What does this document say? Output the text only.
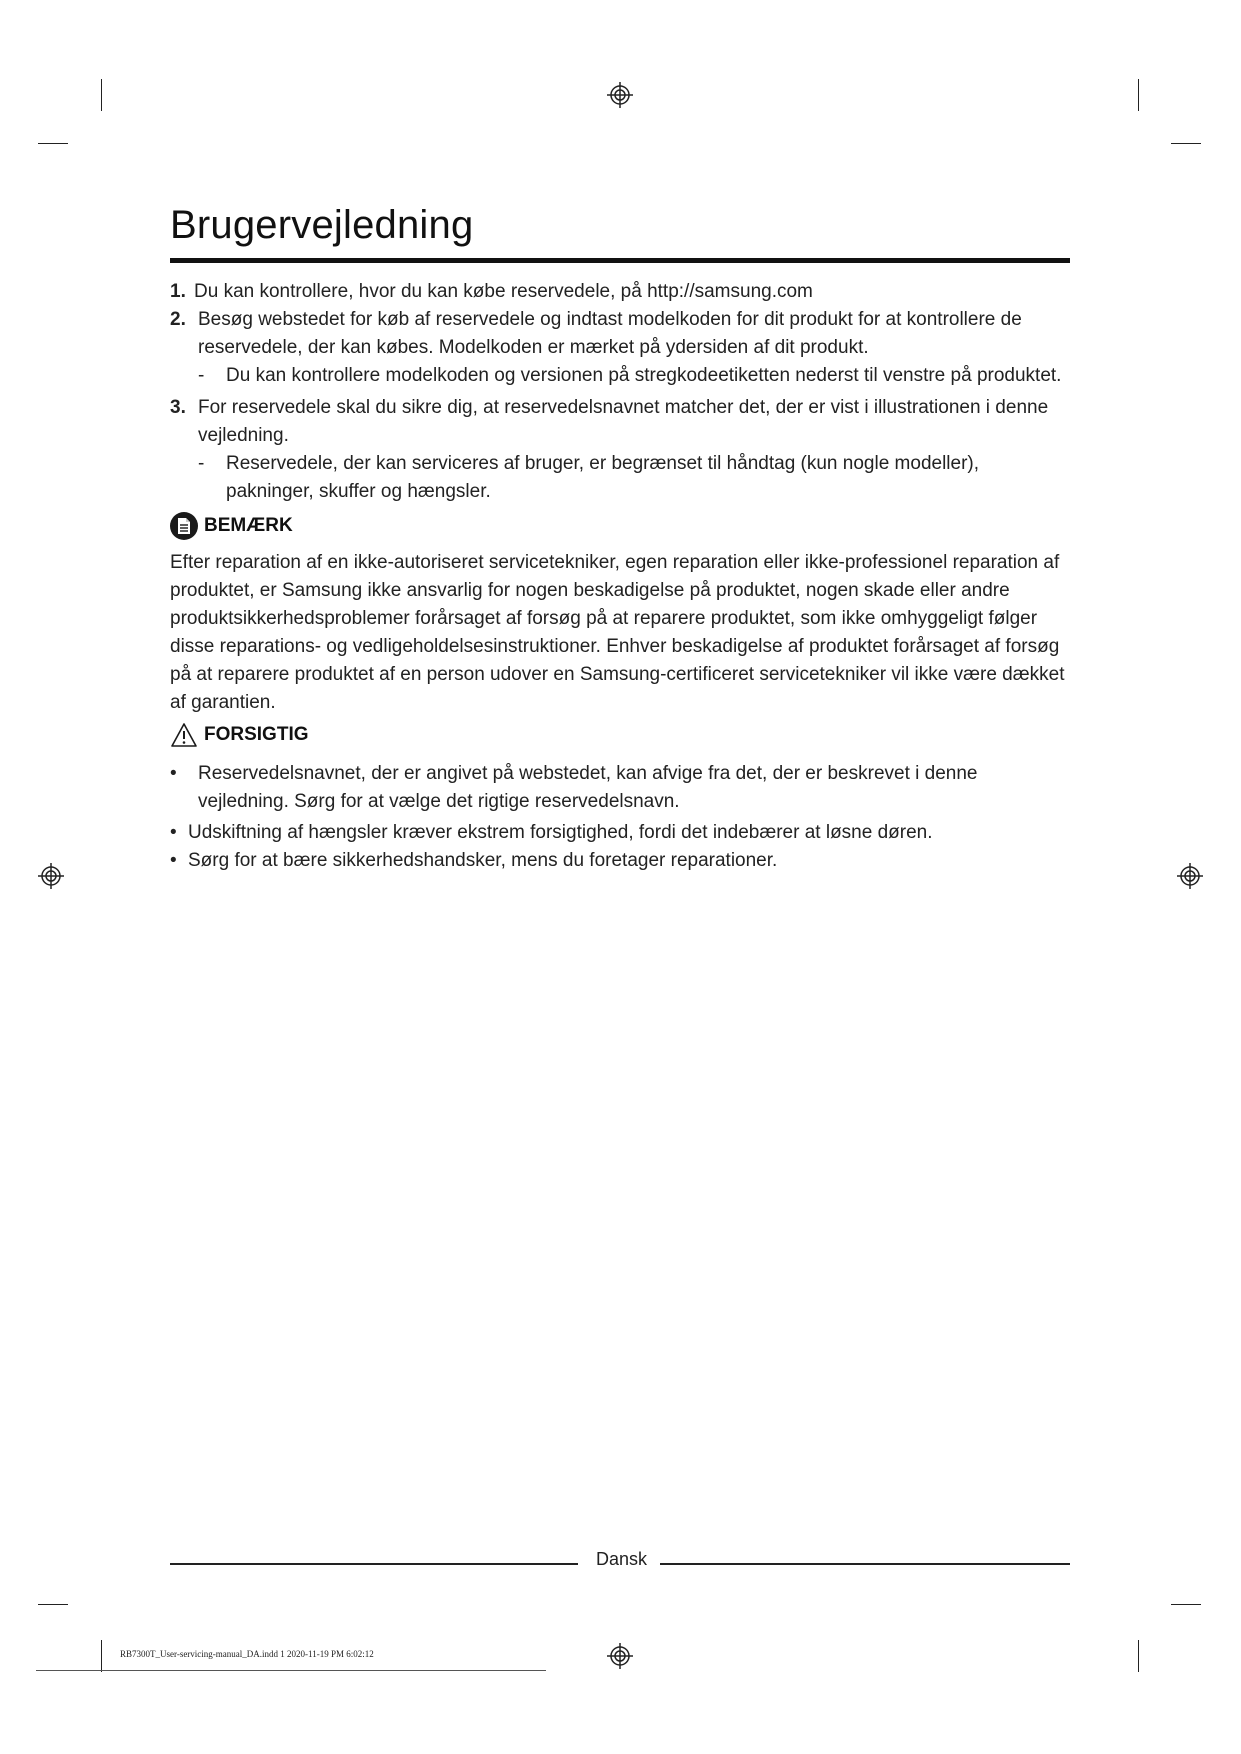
Brugervejledning
1. Du kan kontrollere, hvor du kan købe reservedele, på http://samsung.com
2. Besøg webstedet for køb af reservedele og indtast modelkoden for dit produkt for at kontrollere de reservedele, der kan købes. Modelkoden er mærket på ydersiden af dit produkt.
- Du kan kontrollere modelkoden og versionen på stregkodeetiketten nederst til venstre på produktet.
3. For reservedele skal du sikre dig, at reservedelsnavnet matcher det, der er vist i illustrationen i denne vejledning.
- Reservedele, der kan serviceres af bruger, er begrænset til håndtag (kun nogle modeller), pakninger, skuffer og hængsler.
BEMÆRK
Efter reparation af en ikke-autoriseret servicetekniker, egen reparation eller ikke-professionel reparation af produktet, er Samsung ikke ansvarlig for nogen beskadigelse på produktet, nogen skade eller andre produktsikkerhedsproblemer forårsaget af forsøg på at reparere produktet, som ikke omhyggeligt følger disse reparations- og vedligeholdelsesinstruktioner. Enhver beskadigelse af produktet forårsaget af forsøg på at reparere produktet af en person udover en Samsung-certificeret servicetekniker vil ikke være dækket af garantien.
FORSIGTIG
• Reservedelsnavnet, der er angivet på webstedet, kan afvige fra det, der er beskrevet i denne vejledning. Sørg for at vælge det rigtige reservedelsnavn.
• Udskiftning af hængsler kræver ekstrem forsigtighed, fordi det indebærer at løsne døren.
• Sørg for at bære sikkerhedshandsker, mens du foretager reparationer.
Dansk
RB7300T_User-servicing-manual_DA.indd 1 2020-11-19 PM 6:02:12
